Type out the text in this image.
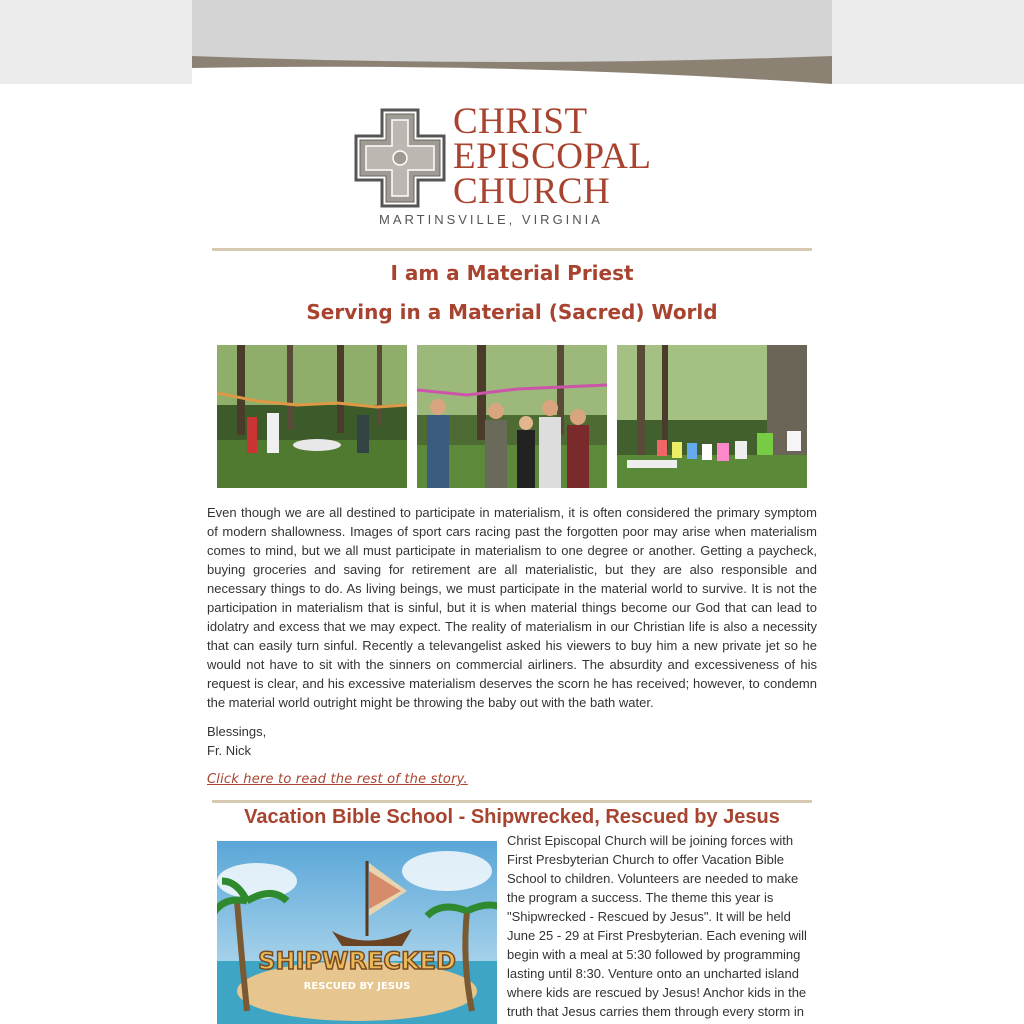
CHRIST
EPISCOPAL
CHURCH
MARTINSVILLE, VIRGINIA
I am a Material Priest
Serving in a Material (Sacred) World

Even though we are all destined to participate in materialism, it is often considered the primary symptom of modern shallowness. Images of sport cars racing past the forgotten poor may arise when materialism comes to mind, but we all must participate in materialism to one degree or another. Getting a paycheck, buying groceries and saving for retirement are all materialistic, but they are also responsible and necessary things to do. As living beings, we must participate in the material world to survive. It is not the participation in materialism that is sinful, but it is when material things become our God that can lead to idolatry and excess that we may expect. The reality of materialism in our Christian life is also a necessity that can easily turn sinful. Recently a televangelist asked his viewers to buy him a new private jet so he would not have to sit with the sinners on commercial airliners. The absurdity and excessiveness of his request is clear, and his excessive materialism deserves the scorn he has received; however, to condemn the material world outright might be throwing the baby out with the bath water.

Blessings,
Fr. Nick
Click here to read the rest of the story.
Vacation Bible School - Shipwrecked, Rescued by Jesus
SHIPWRECKED
RESCUED BY JESUS

Christ Episcopal Church will be joining forces with First Presbyterian Church to offer Vacation Bible School to children. Volunteers are needed to make the program a success. The theme this year is "Shipwrecked - Rescued by Jesus". It will be held June 25 - 29 at First Presbyterian. Each evening will begin with a meal at 5:30 followed by programming lasting until 8:30. Venture onto an uncharted island where kids are rescued by Jesus! Anchor kids in the truth that Jesus carries them through every storm in
